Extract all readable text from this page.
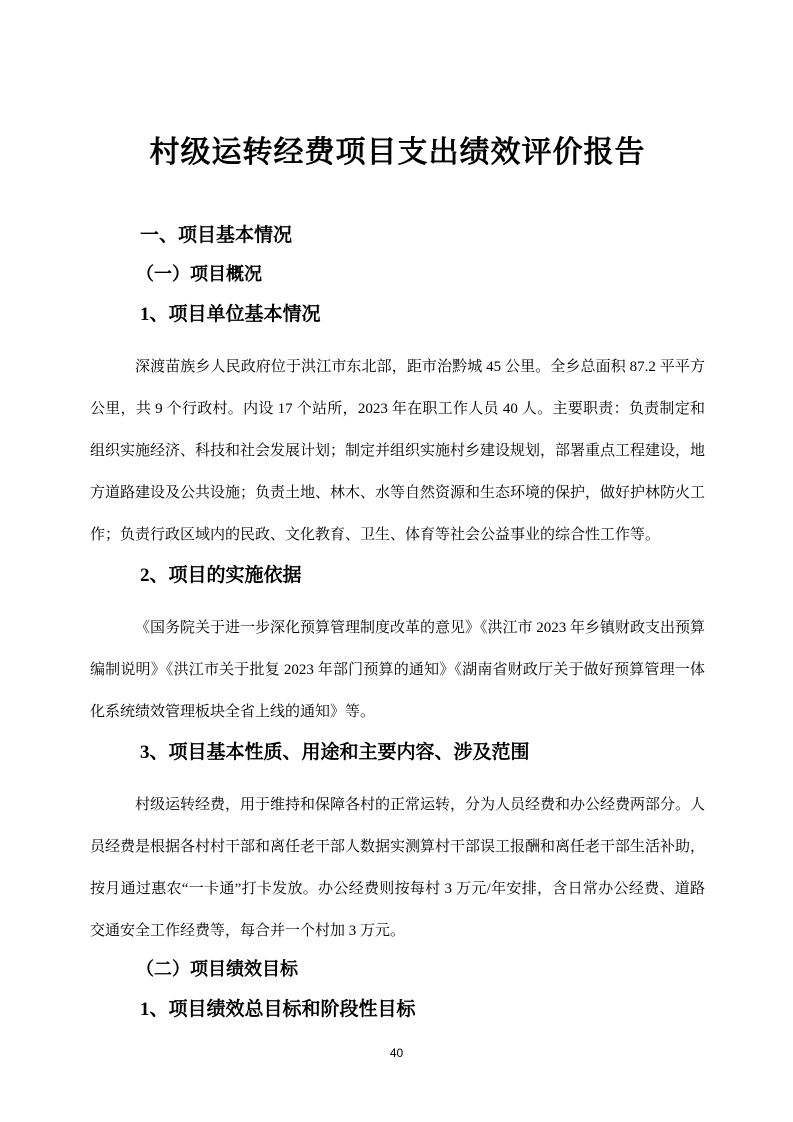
村级运转经费项目支出绩效评价报告
一、项目基本情况
（一）项目概况
1、项目单位基本情况

深渡苗族乡人民政府位于洪江市东北部，距市治黔城 45 公里。全乡总面积 87.2 平平方公里，共 9 个行政村。内设 17 个站所，2023 年在职工作人员 40 人。主要职责：负责制定和组织实施经济、科技和社会发展计划；制定并组织实施村乡建设规划，部署重点工程建设，地方道路建设及公共设施；负责土地、林木、水等自然资源和生态环境的保护，做好护林防火工作；负责行政区域内的民政、文化教育、卫生、体育等社会公益事业的综合性工作等。

2、项目的实施依据

《国务院关于进一步深化预算管理制度改革的意见》《洪江市 2023 年乡镇财政支出预算编制说明》《洪江市关于批复 2023 年部门预算的通知》《湖南省财政厅关于做好预算管理一体化系统绩效管理板块全省上线的通知》等。

3、项目基本性质、用途和主要内容、涉及范围

村级运转经费，用于维持和保障各村的正常运转，分为人员经费和办公经费两部分。人员经费是根据各村村干部和离任老干部人数据实测算村干部误工报酬和离任老干部生活补助，按月通过惠农“一卡通”打卡发放。办公经费则按每村 3 万元/年安排，含日常办公经费、道路交通安全工作经费等，每合并一个村加 3 万元。

（二）项目绩效目标
1、项目绩效总目标和阶段性目标
40
